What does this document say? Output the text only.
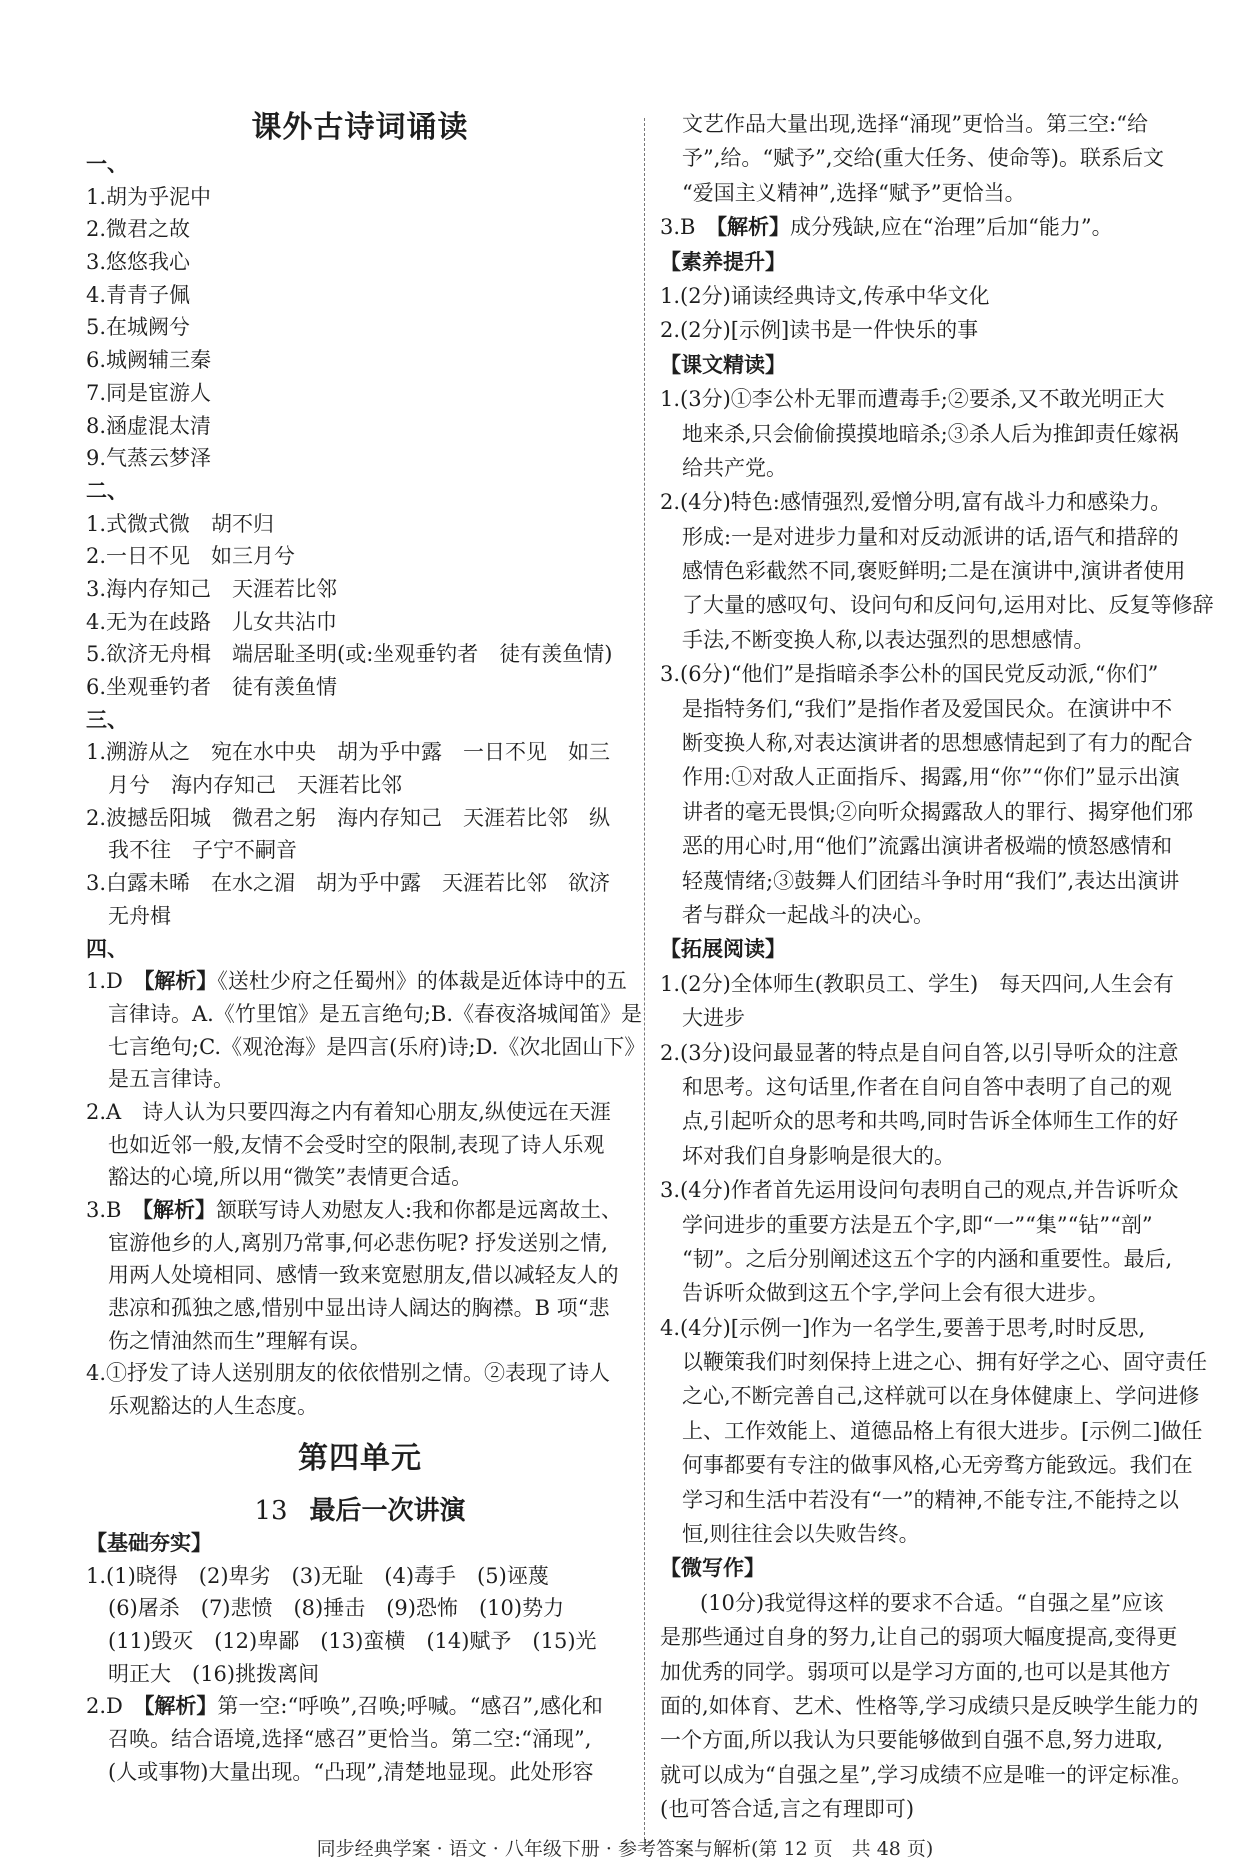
课外古诗词诵读
一、
1.胡为乎泥中
2.微君之故
3.悠悠我心
4.青青子佩
5.在城阙兮
6.城阙辅三秦
7.同是宦游人
8.涵虚混太清
9.气蒸云梦泽
二、
1.式微式微　胡不归
2.一日不见　如三月兮
3.海内存知己　天涯若比邻
4.无为在歧路　儿女共沾巾
5.欲济无舟楫　端居耻圣明(或:坐观垂钓者　徒有羡鱼情)
6.坐观垂钓者　徒有羡鱼情
三、
1.溯游从之　宛在水中央　胡为乎中露　一日不见　如三
月兮　海内存知己　天涯若比邻
2.波撼岳阳城　微君之躬　海内存知己　天涯若比邻　纵
我不往　子宁不嗣音
3.白露未晞　在水之湄　胡为乎中露　天涯若比邻　欲济
无舟楫
四、
1.D　【解析】《送杜少府之任蜀州》的体裁是近体诗中的五
言律诗。A.《竹里馆》是五言绝句;B.《春夜洛城闻笛》是
七言绝句;C.《观沧海》是四言(乐府)诗;D.《次北固山下》
是五言律诗。
2.A　诗人认为只要四海之内有着知心朋友,纵使远在天涯
也如近邻一般,友情不会受时空的限制,表现了诗人乐观
豁达的心境,所以用“微笑”表情更合适。
3.B　【解析】颔联写诗人劝慰友人:我和你都是远离故土、
宦游他乡的人,离别乃常事,何必悲伤呢? 抒发送别之情,
用两人处境相同、感情一致来宽慰朋友,借以减轻友人的
悲凉和孤独之感,惜别中显出诗人阔达的胸襟。B 项“悲
伤之情油然而生”理解有误。
4.①抒发了诗人送别朋友的依依惜别之情。②表现了诗人
乐观豁达的人生态度。
第四单元
13 最后一次讲演
【基础夯实】
1.(1)晓得　(2)卑劣　(3)无耻　(4)毒手　(5)诬蔑
(6)屠杀　(7)悲愤　(8)捶击　(9)恐怖　(10)势力
(11)毁灭　(12)卑鄙　(13)蛮横　(14)赋予　(15)光
明正大　(16)挑拨离间
2.D　【解析】第一空:“呼唤”,召唤;呼喊。“感召”,感化和
召唤。结合语境,选择“感召”更恰当。第二空:“涌现”,
(人或事物)大量出现。“凸现”,清楚地显现。此处形容
文艺作品大量出现,选择“涌现”更恰当。第三空:“给
予”,给。“赋予”,交给(重大任务、使命等)。联系后文
“爱国主义精神”,选择“赋予”更恰当。
3.B　【解析】成分残缺,应在“治理”后加“能力”。
【素养提升】
1.(2分)诵读经典诗文,传承中华文化
2.(2分)[示例]读书是一件快乐的事
【课文精读】
1.(3分)①李公朴无罪而遭毒手;②要杀,又不敢光明正大
地来杀,只会偷偷摸摸地暗杀;③杀人后为推卸责任嫁祸
给共产党。
2.(4分)特色:感情强烈,爱憎分明,富有战斗力和感染力。
形成:一是对进步力量和对反动派讲的话,语气和措辞的
感情色彩截然不同,褒贬鲜明;二是在演讲中,演讲者使用
了大量的感叹句、设问句和反问句,运用对比、反复等修辞
手法,不断变换人称,以表达强烈的思想感情。
3.(6分)“他们”是指暗杀李公朴的国民党反动派,“你们”
是指特务们,“我们”是指作者及爱国民众。在演讲中不
断变换人称,对表达演讲者的思想感情起到了有力的配合
作用:①对敌人正面指斥、揭露,用“你”“你们”显示出演
讲者的毫无畏惧;②向听众揭露敌人的罪行、揭穿他们邪
恶的用心时,用“他们”流露出演讲者极端的愤怒感情和
轻蔑情绪;③鼓舞人们团结斗争时用“我们”,表达出演讲
者与群众一起战斗的决心。
【拓展阅读】
1.(2分)全体师生(教职员工、学生)　每天四问,人生会有
大进步
2.(3分)设问最显著的特点是自问自答,以引导听众的注意
和思考。这句话里,作者在自问自答中表明了自己的观
点,引起听众的思考和共鸣,同时告诉全体师生工作的好
坏对我们自身影响是很大的。
3.(4分)作者首先运用设问句表明自己的观点,并告诉听众
学问进步的重要方法是五个字,即“一”“集”“钻”“剖”
“韧”。之后分别阐述这五个字的内涵和重要性。最后,
告诉听众做到这五个字,学问上会有很大进步。
4.(4分)[示例一]作为一名学生,要善于思考,时时反思,
以鞭策我们时刻保持上进之心、拥有好学之心、固守责任
之心,不断完善自己,这样就可以在身体健康上、学问进修
上、工作效能上、道德品格上有很大进步。[示例二]做任
何事都要有专注的做事风格,心无旁骛方能致远。我们在
学习和生活中若没有“一”的精神,不能专注,不能持之以
恒,则往往会以失败告终。
【微写作】
(10分)我觉得这样的要求不合适。“自强之星”应该
是那些通过自身的努力,让自己的弱项大幅度提高,变得更
加优秀的同学。弱项可以是学习方面的,也可以是其他方
面的,如体育、艺术、性格等,学习成绩只是反映学生能力的
一个方面,所以我认为只要能够做到自强不息,努力进取,
就可以成为“自强之星”,学习成绩不应是唯一的评定标准。
(也可答合适,言之有理即可)
同步经典学案 · 语文 · 八年级下册 · 参考答案与解析(第 12 页　共 48 页)
